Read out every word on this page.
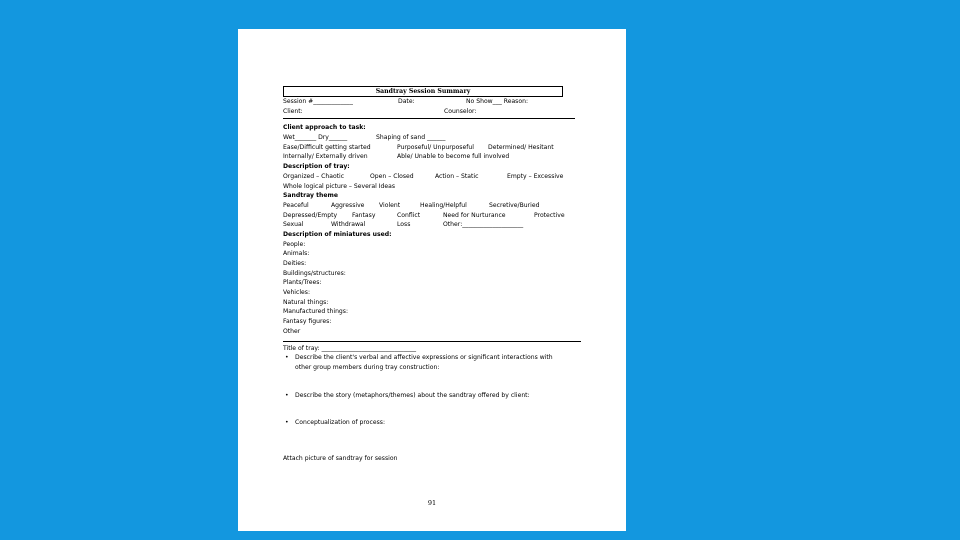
Sandtray Session Summary
Session #_____________	Date:	No Show___ Reason:
Client:	Counselor:
Client approach to task:
Wet_______ Dry______	Shaping of sand ______
Ease/Difficult getting started	Purposeful/ Unpurposeful Determined/ Hesitant
Internally/ Externally driven	Able/ Unable to become full involved
Description of tray:
Organized – Chaotic	Open – Closed	Action – Static	Empty – Excessive
Whole logical picture – Several Ideas
Sandtray theme
Peaceful	Aggressive Violent	Healing/Helpful	Secretive/Buried
Depressed/Empty Fantasy	Conflict	Need for Nurturance	Protective
Sexual	Withdrawal	Loss	Other:____________________
Description of miniatures used:
People:
Animals:
Deities:
Buildings/structures:
Plants/Trees:
Vehicles:
Natural things:
Manufactured things:
Fantasy figures:
Other
Title of tray: _______________________________
• Describe the client's verbal and affective expressions or significant interactions with
other group members during tray construction:
• Describe the story (metaphors/themes) about the sandtray offered by client:
• Conceptualization of process:
Attach picture of sandtray for session
91
